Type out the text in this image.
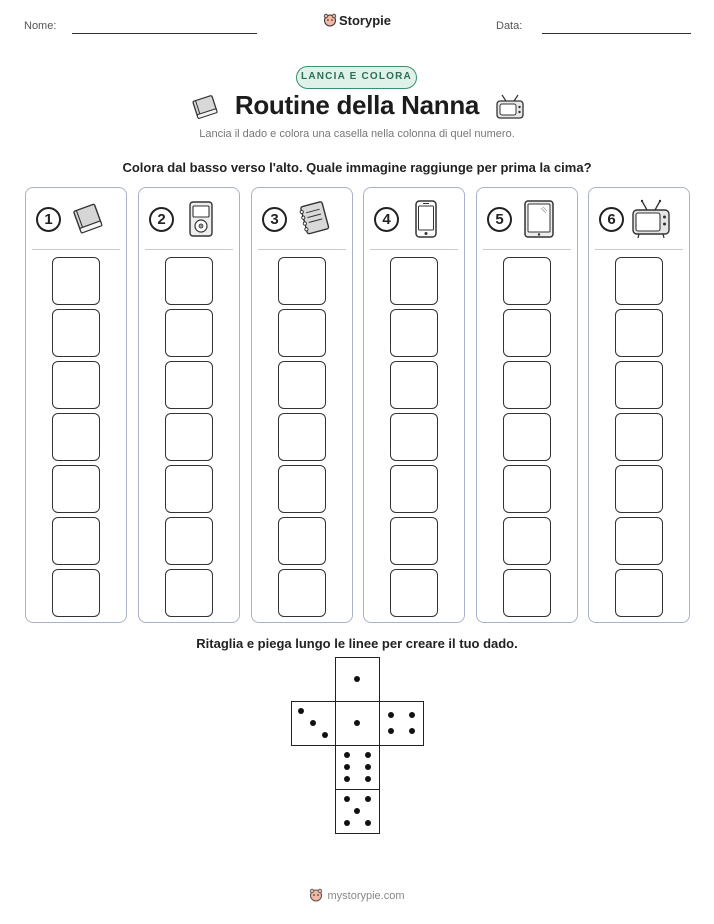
Nome:	Storypie	Data:
LANCIA E COLORA
Routine della Nanna
Lancia il dado e colora una casella nella colonna di quel numero.
Colora dal basso verso l'alto. Quale immagine raggiunge per prima la cima?
1	2	3	4	5	6
Ritaglia e piega lungo le linee per creare il tuo dado.
mystorypie.com
